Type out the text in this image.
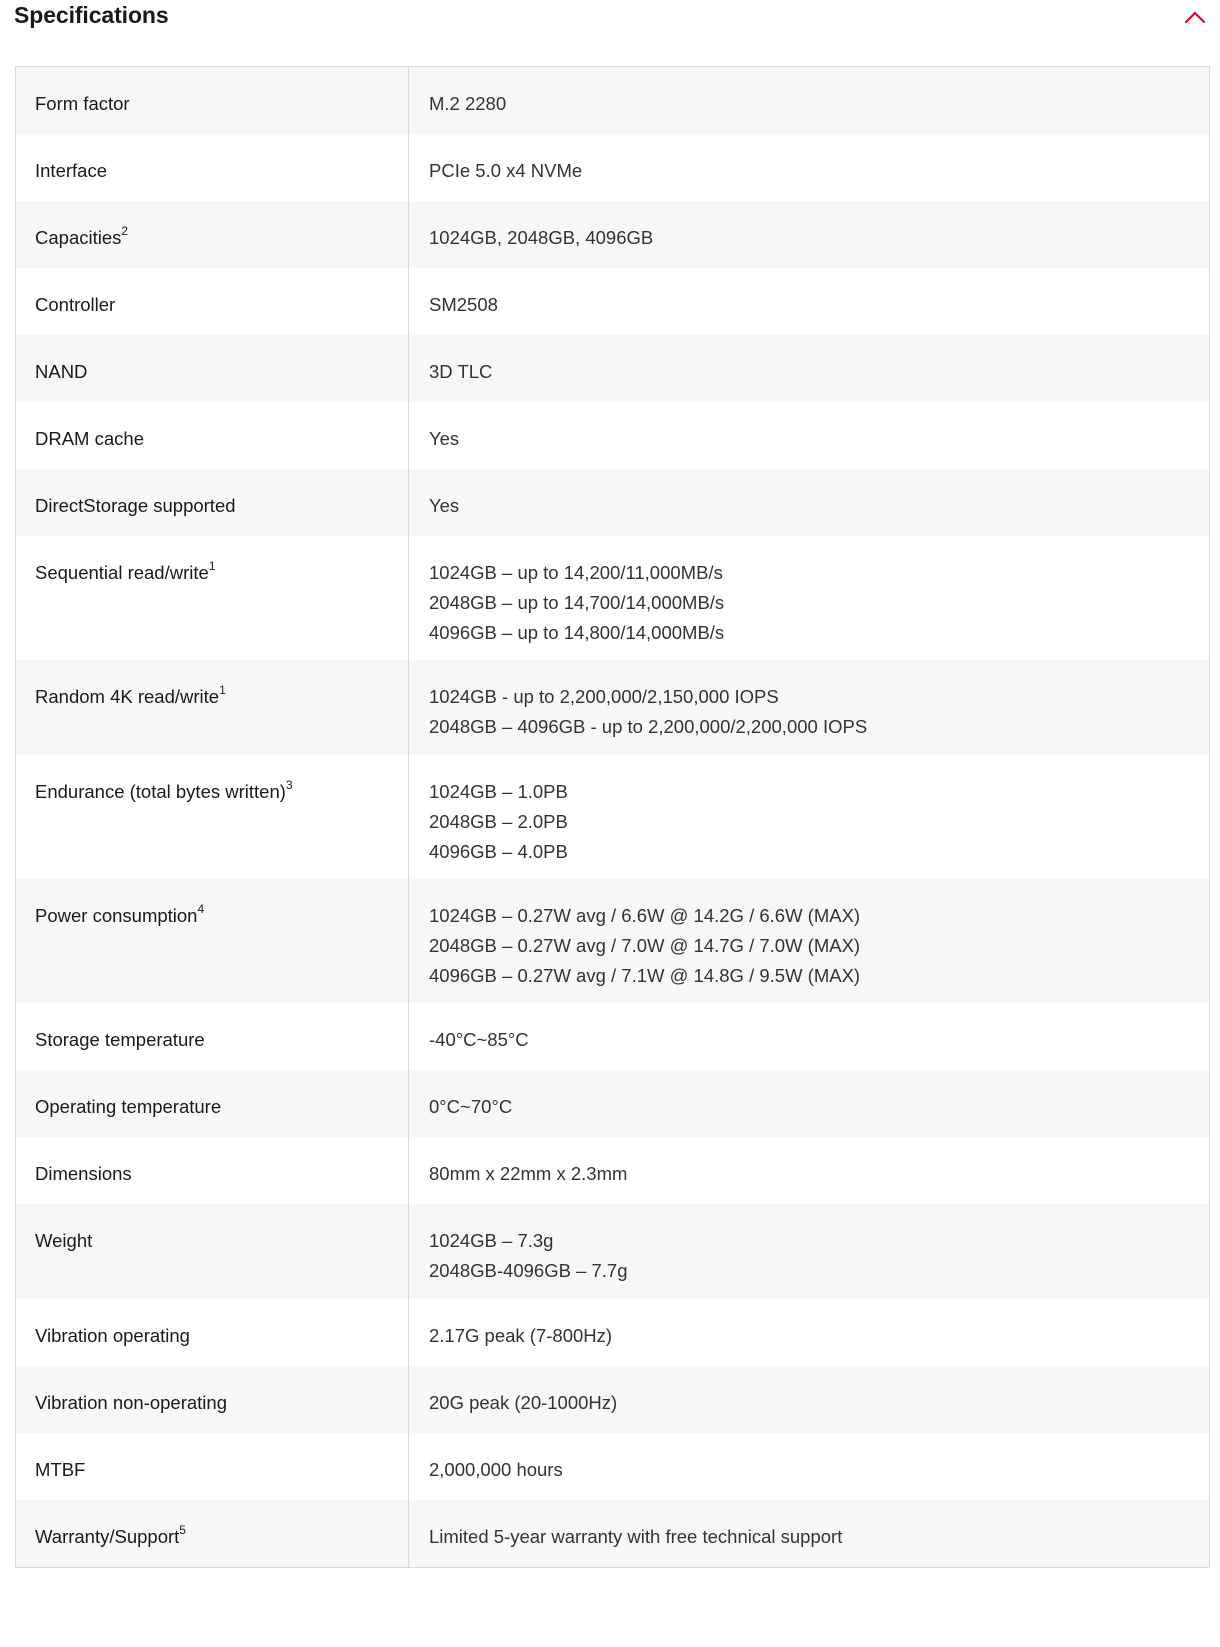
Specifications
Form factor	M.2 2280
Interface	PCIe 5.0 x4 NVMe
Capacities$^2$	1024GB, 2048GB, 4096GB
Controller	SM2508
NAND	3D TLC
DRAM cache	Yes
DirectStorage supported	Yes
Sequential read/write$^1$	1024GB – up to 14,200/11,000MB/s
2048GB – up to 14,700/14,000MB/s
4096GB – up to 14,800/14,000MB/s
Random 4K read/write$^1$	1024GB - up to 2,200,000/2,150,000 IOPS
2048GB – 4096GB - up to 2,200,000/2,200,000 IOPS
Endurance (total bytes written)$^3$	1024GB – 1.0PB
2048GB – 2.0PB
4096GB – 4.0PB
Power consumption$^4$	1024GB – 0.27W avg / 6.6W @ 14.2G / 6.6W (MAX)
2048GB – 0.27W avg / 7.0W @ 14.7G / 7.0W (MAX)
4096GB – 0.27W avg / 7.1W @ 14.8G / 9.5W (MAX)
Storage temperature	-40°C~85°C
Operating temperature	0°C~70°C
Dimensions	80mm x 22mm x 2.3mm
Weight	1024GB – 7.3g
2048GB-4096GB – 7.7g
Vibration operating	2.17G peak (7-800Hz)
Vibration non-operating	20G peak (20-1000Hz)
MTBF	2,000,000 hours
Warranty/Support$^5$	Limited 5-year warranty with free technical support
